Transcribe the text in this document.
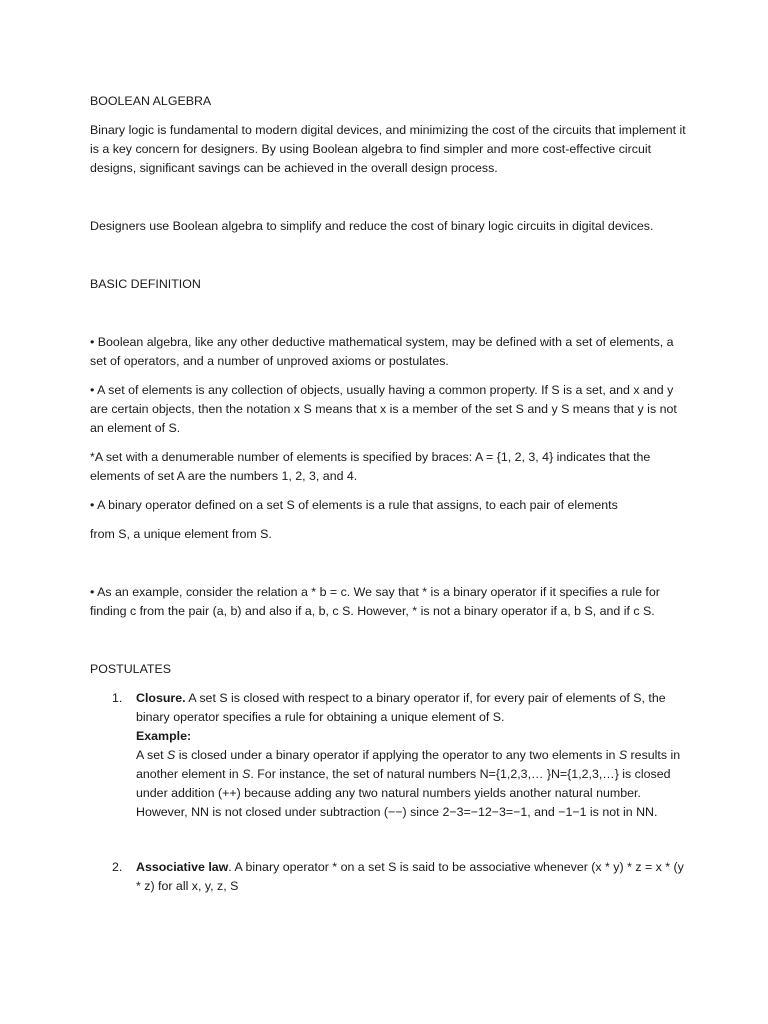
BOOLEAN ALGEBRA

Binary logic is fundamental to modern digital devices, and minimizing the cost of the circuits that implement it is a key concern for designers. By using Boolean algebra to find simpler and more cost-effective circuit designs, significant savings can be achieved in the overall design process.

Designers use Boolean algebra to simplify and reduce the cost of binary logic circuits in digital devices.

BASIC DEFINITION

• Boolean algebra, like any other deductive mathematical system, may be defined with a set of elements, a set of operators, and a number of unproved axioms or postulates.

• A set of elements is any collection of objects, usually having a common property. If S is a set, and x and y are certain objects, then the notation x S means that x is a member of the set S and y S means that y is not an element of S.

*A set with a denumerable number of elements is specified by braces: A = {1, 2, 3, 4} indicates that the elements of set A are the numbers 1, 2, 3, and 4.

• A binary operator defined on a set S of elements is a rule that assigns, to each pair of elements

from S, a unique element from S.

• As an example, consider the relation a * b = c. We say that * is a binary operator if it specifies a rule for finding c from the pair (a, b) and also if a, b, c S. However, * is not a binary operator if a, b S, and if c S.

POSTULATES

1.	Closure. A set S is closed with respect to a binary operator if, for every pair of elements of S, the binary operator specifies a rule for obtaining a unique element of S.
Example:
A set S is closed under a binary operator if applying the operator to any two elements in S results in another element in S. For instance, the set of natural numbers N={1,2,3,… }N={1,2,3,…} is closed under addition (++) because adding any two natural numbers yields another natural number. However, NN is not closed under subtraction (−−) since 2−3=−12−3=−1, and −1−1 is not in NN.
2.	Associative law. A binary operator * on a set S is said to be associative whenever (x * y) * z = x * (y * z) for all x, y, z, S
